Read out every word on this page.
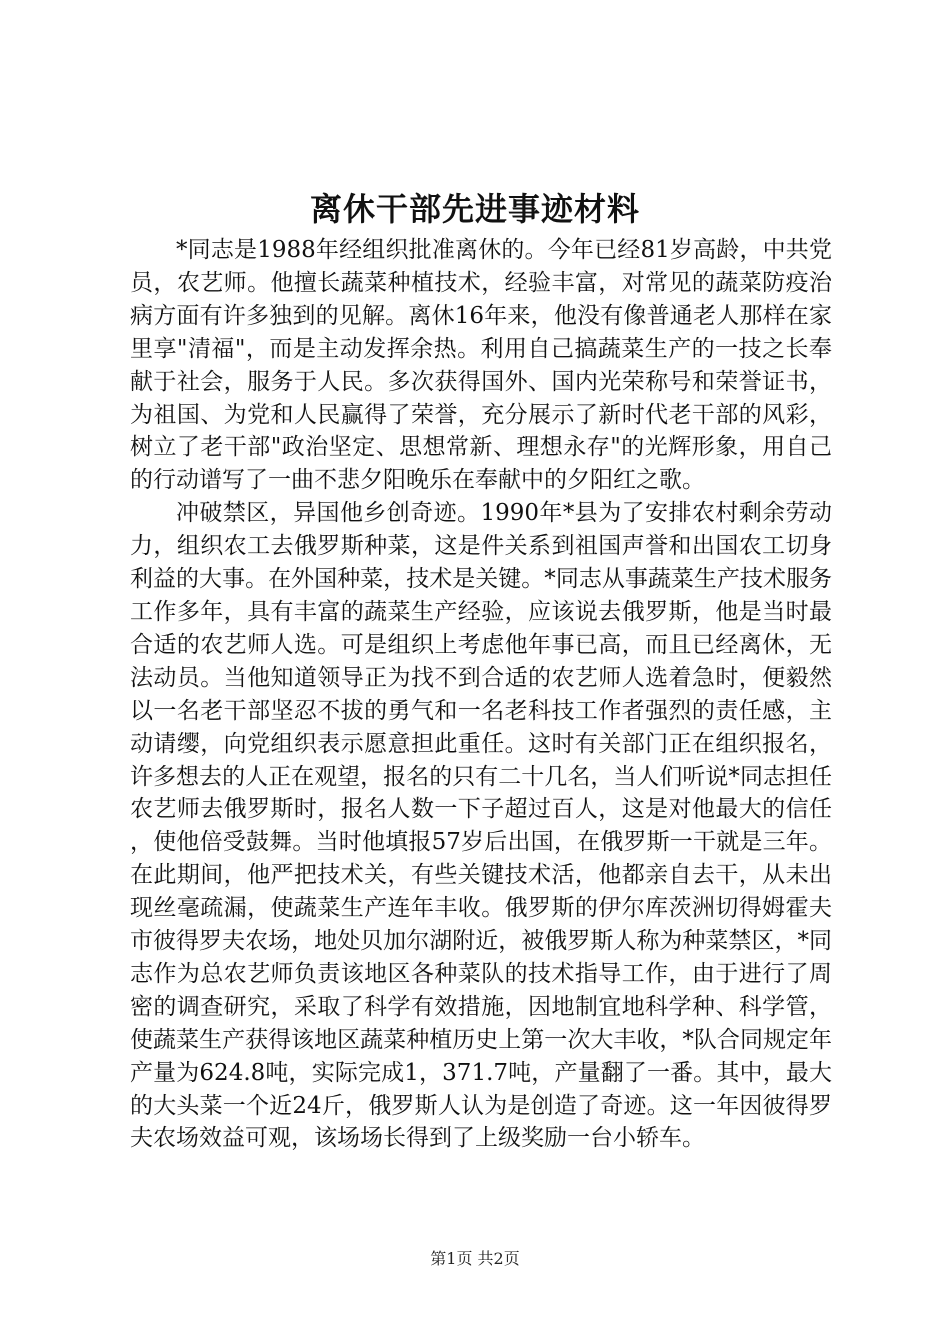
离休干部先进事迹材料

*同志是1988年经组织批准离休的。今年已经81岁高龄，中共党员，农艺师。他擅长蔬菜种植技术，经验丰富，对常见的蔬菜防疫治病方面有许多独到的见解。离休16年来，他没有像普通老人那样在家里享"清福"，而是主动发挥余热。利用自己搞蔬菜生产的一技之长奉献于社会，服务于人民。多次获得国外、国内光荣称号和荣誉证书，为祖国、为党和人民赢得了荣誉，充分展示了新时代老干部的风彩，树立了老干部"政治坚定、思想常新、理想永存"的光辉形象，用自己的行动谱写了一曲不悲夕阳晚乐在奉献中的夕阳红之歌。

冲破禁区，异国他乡创奇迹。1990年*县为了安排农村剩余劳动力，组织农工去俄罗斯种菜，这是件关系到祖国声誉和出国农工切身利益的大事。在外国种菜，技术是关键。*同志从事蔬菜生产技术服务工作多年，具有丰富的蔬菜生产经验，应该说去俄罗斯，他是当时最合适的农艺师人选。可是组织上考虑他年事已高，而且已经离休，无法动员。当他知道领导正为找不到合适的农艺师人选着急时，便毅然以一名老干部坚忍不拔的勇气和一名老科技工作者强烈的责任感，主动请缨，向党组织表示愿意担此重任。这时有关部门正在组织报名，许多想去的人正在观望，报名的只有二十几名，当人们听说*同志担任农艺师去俄罗斯时，报名人数一下子超过百人，这是对他最大的信任，使他倍受鼓舞。当时他填报57岁后出国，在俄罗斯一干就是三年。在此期间，他严把技术关，有些关键技术活，他都亲自去干，从未出现丝毫疏漏，使蔬菜生产连年丰收。俄罗斯的伊尔库茨洲切得姆霍夫市彼得罗夫农场，地处贝加尔湖附近，被俄罗斯人称为种菜禁区，*同志作为总农艺师负责该地区各种菜队的技术指导工作，由于进行了周密的调查研究，采取了科学有效措施，因地制宜地科学种、科学管，使蔬菜生产获得该地区蔬菜种植历史上第一次大丰收，*队合同规定年产量为624.8吨，实际完成1，371.7吨，产量翻了一番。其中，最大的大头菜一个近24斤，俄罗斯人认为是创造了奇迹。这一年因彼得罗夫农场效益可观，该场场长得到了上级奖励一台小轿车。

第1页 共2页
